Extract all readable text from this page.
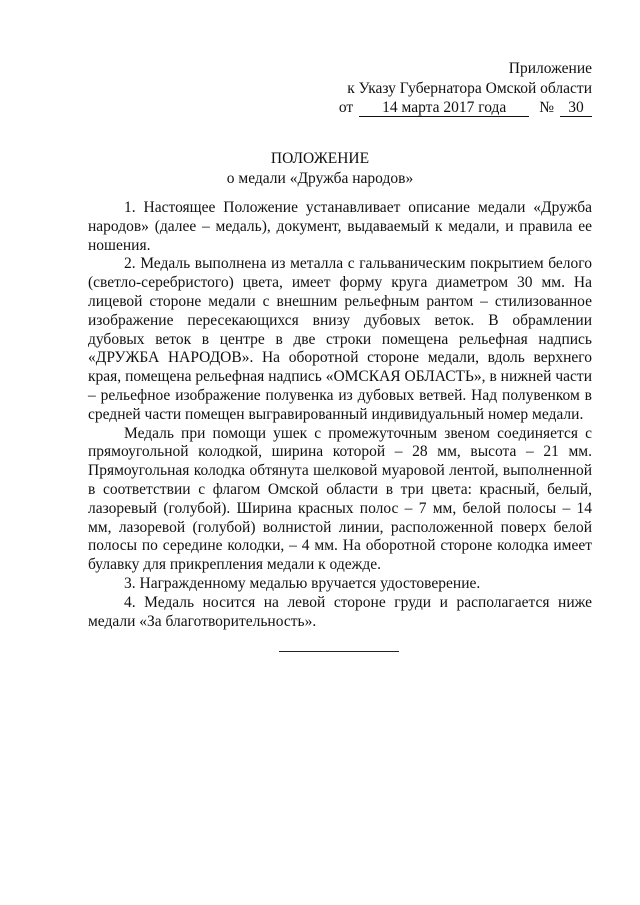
Приложение
к Указу Губернатора Омской области
от	14 марта 2017 года	№ 30
ПОЛОЖЕНИЕ
о медали «Дружба народов»

1. Настоящее Положение устанавливает описание медали «Дружба народов» (далее – медаль), документ, выдаваемый к медали, и правила ее ношения.

2. Медаль выполнена из металла с гальваническим покрытием белого (светло-серебристого) цвета, имеет форму круга диаметром 30 мм. На лицевой стороне медали с внешним рельефным рантом – стилизованное изображение пересекающихся внизу дубовых веток. В обрамлении дубовых веток в центре в две строки помещена рельефная надпись «ДРУЖБА НАРОДОВ». На оборотной стороне медали, вдоль верхнего края, помещена рельефная надпись «ОМСКАЯ ОБЛАСТЬ», в нижней части – рельефное изображение полувенка из дубовых ветвей. Над полувенком в средней части помещен выгравированный индивидуальный номер медали.

Медаль при помощи ушек с промежуточным звеном соединяется с прямоугольной колодкой, ширина которой – 28 мм, высота – 21 мм. Прямоугольная колодка обтянута шелковой муаровой лентой, выполненной в соответствии с флагом Омской области в три цвета: красный, белый, лазоревый (голубой). Ширина красных полос – 7 мм, белой полосы – 14 мм, лазоревой (голубой) волнистой линии, расположенной поверх белой полосы по середине колодки, – 4 мм. На оборотной стороне колодка имеет булавку для прикрепления медали к одежде.

3. Награжденному медалью вручается удостоверение.

4. Медаль носится на левой стороне груди и располагается ниже медали «За благотворительность».
